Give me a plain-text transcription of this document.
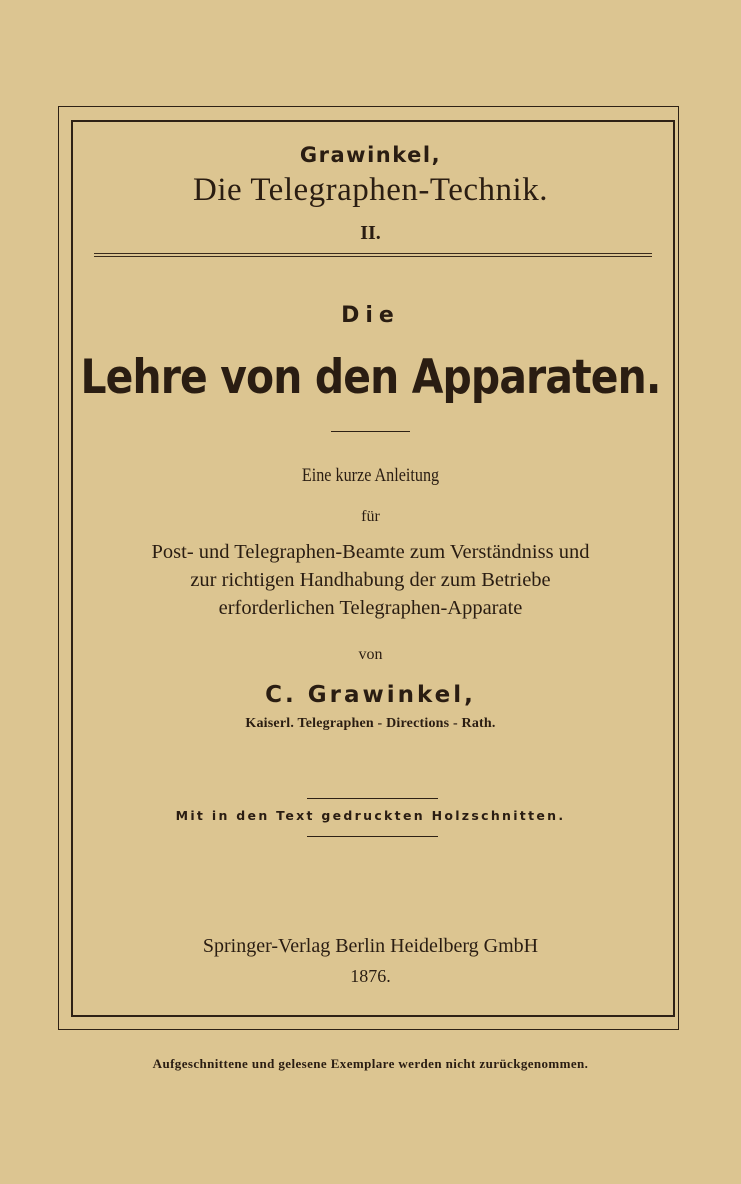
Grawinkel,
Die Telegraphen-Technik.
II.
Die
Lehre von den Apparaten.
Eine kurze Anleitung
für
Post- und Telegraphen-Beamte zum Verständniss und
zur richtigen Handhabung der zum Betriebe
erforderlichen Telegraphen-Apparate
von
C. Grawinkel,
Kaiserl. Telegraphen - Directions - Rath.
Mit in den Text gedruckten Holzschnitten.
Springer-Verlag Berlin Heidelberg GmbH
1876.
Aufgeschnittene und gelesene Exemplare werden nicht zurückgenommen.
